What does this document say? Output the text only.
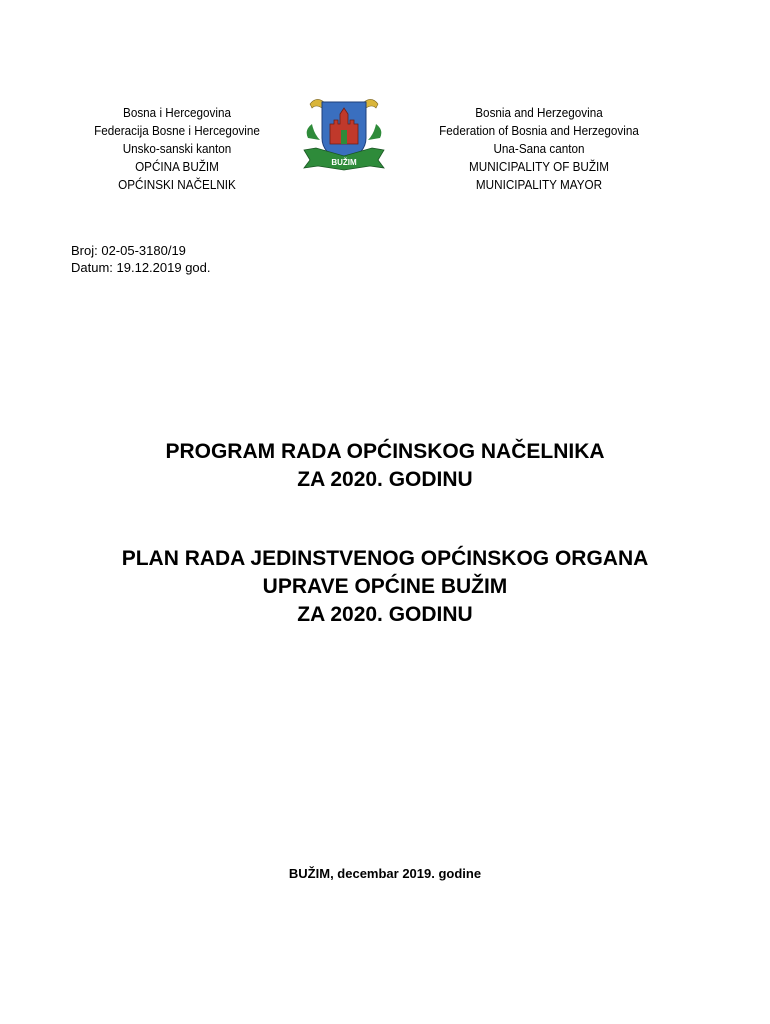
Bosna i Hercegovina
Federacija Bosne i Hercegovine
Unsko-sanski kanton
OPĆINA BUŽIM
OPĆINSKI NAČELNIK
BUŽIM
Bosnia and Herzegovina
Federation of Bosnia and Herzegovina
Una-Sana canton
MUNICIPALITY OF BUŽIM
MUNICIPALITY MAYOR
Broj: 02-05-3180/19
Datum: 19.12.2019 god.
PROGRAM RADA OPĆINSKOG NAČELNIKA
ZA 2020. GODINU
PLAN RADA JEDINSTVENOG OPĆINSKOG ORGANA
UPRAVE OPĆINE BUŽIM
ZA 2020. GODINU
BUŽIM, decembar 2019. godine
